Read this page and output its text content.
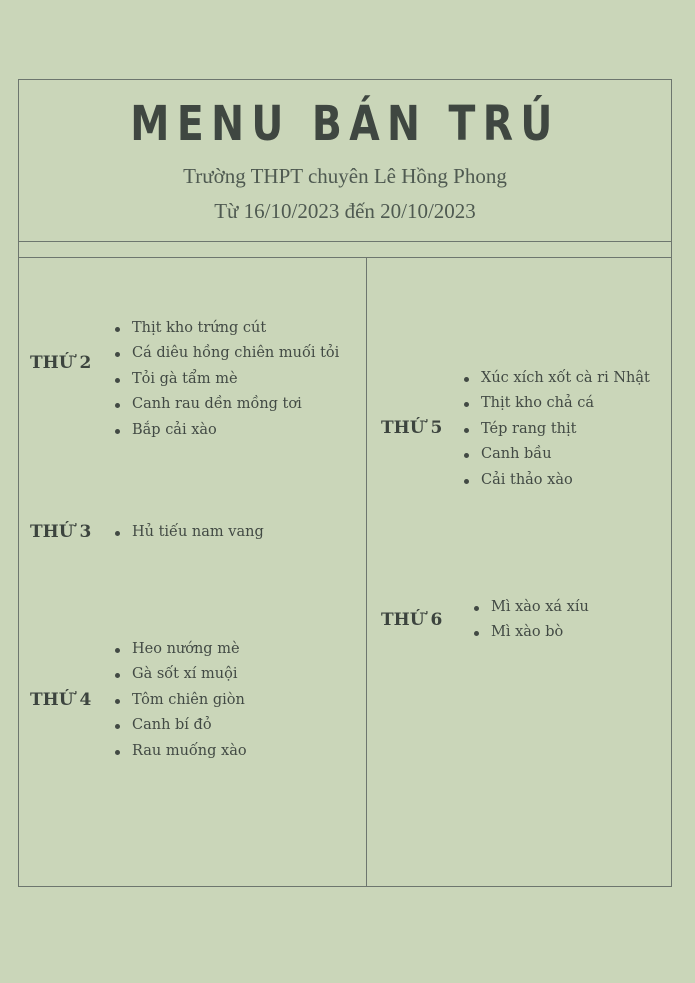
MENU BÁN TRÚ
Trường THPT chuyên Lê Hồng Phong
Từ 16/10/2023 đến 20/10/2023
THỨ 2
Thịt kho trứng cút
Cá diêu hồng chiên muối tỏi
Tỏi gà tẩm mè
Canh rau dền mồng tơi
Bắp cải xào
THỨ 3	Hủ tiếu nam vang
THỨ 4
Heo nướng mè
Gà sốt xí muội
Tôm chiên giòn
Canh bí đỏ
Rau muống xào
THỨ 5
Xúc xích xốt cà ri Nhật
Thịt kho chả cá
Tép rang thịt
Canh bầu
Cải thảo xào
THỨ 6
Mì xào xá xíu
Mì xào bò
